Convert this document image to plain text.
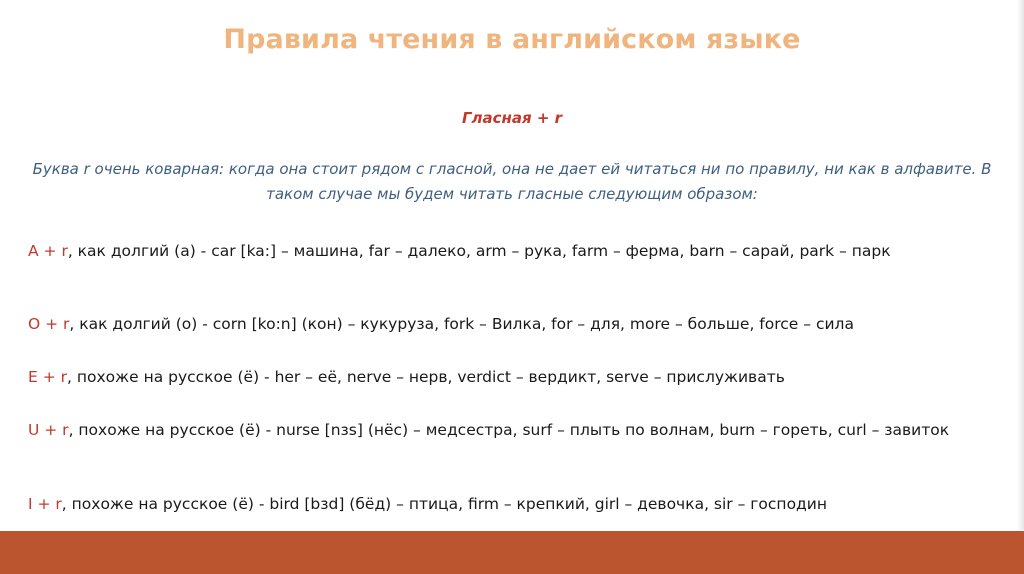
Правила чтения в английском языке
Гласная + r
Буква r очень коварная: когда она стоит рядом с гласной, она не дает ей читаться ни по правилу, ни как в алфавите. В таком случае мы будем читать гласные следующим образом:
A + r, как долгий (а) - car [ka:] – машина, far – далеко, arm – рука, farm – ферма, barn – сарай, park – парк
O + r, как долгий (о) - corn [ko:n] (кон) – кукуруза, fork – Вилка, for – для, more – больше, force – сила
E + r, похоже на русское (ё) - her – её, nerve – нерв, verdict – вердикт, serve – прислуживать
U + r, похоже на русское (ё) - nurse [nзs] (нёс) – медсестра, surf – плыть по волнам, burn – гореть, curl – завиток
I + r, похоже на русское (ё) - bird [bзd] (бёд) – птица, firm – крепкий, girl – девочка, sir – господин
